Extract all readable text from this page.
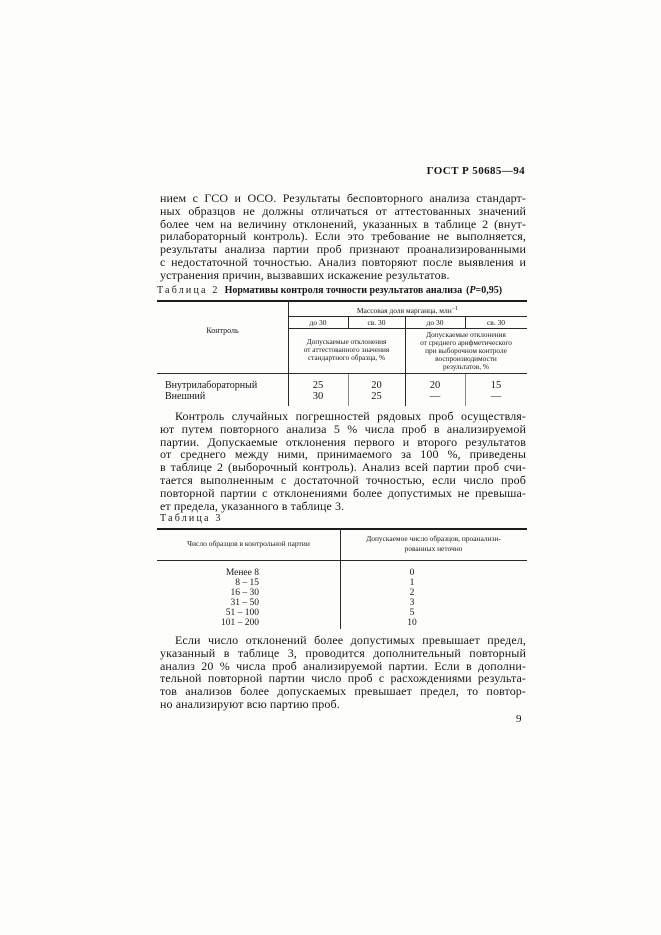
ГОСТ Р 50685—94
нием с ГСО и ОСО. Результаты бесповторного анализа стандарт-
ных образцов не должны отличаться от аттестованных значений
более чем на величину отклонений, указанных в таблице 2 (внут-
рилабораторный контроль). Если это требование не выполняется,
результаты анализа партии проб признают проанализированными
с недостаточной точностью. Анализ повторяют после выявления и
устранения причин, вызвавших искажение результатов.
Таблица 2 Нормативы контроля точности результатов анализа (P=0,95)
Контроль
Массовая доля марганца, млн$^{-1}$
до 30	св. 30	до 30	св. 30
Допускаемые отклонения
от аттестованного значения
стандартного образца, %
Допускаемые отклонения
от среднего арифметического
при выборочном контроле
воспроизводимости
результатов, %
Внутрилабораторный	25	20	20	15
Внешний	30	25	—	—
Контроль случайных погрешностей рядовых проб осуществля-
ют путем повторного анализа 5 % числа проб в анализируемой
партии. Допускаемые отклонения первого и второго результатов
от среднего между ними, принимаемого за 100 %, приведены
в таблице 2 (выборочный контроль). Анализ всей партии проб счи-
тается выполненным с достаточной точностью, если число проб
повторной партии с отклонениями более допустимых не превыша-
ет предела, указанного в таблице 3.
Таблица 3
Число образцов в контрольной партии
Допускаемое число образцов, проанализи-
рованных неточно
Менее 8	0
8 – 15	1
16 – 30	2
31 – 50	3
51 – 100	5
101 – 200	10
Если число отклонений более допустимых превышает предел,
указанный в таблице 3, проводится дополнительный повторный
анализ 20 % числа проб анализируемой партии. Если в дополни-
тельной повторной партии число проб с расхождениями результа-
тов анализов более допускаемых превышает предел, то повтор-
но анализируют всю партию проб.
9
